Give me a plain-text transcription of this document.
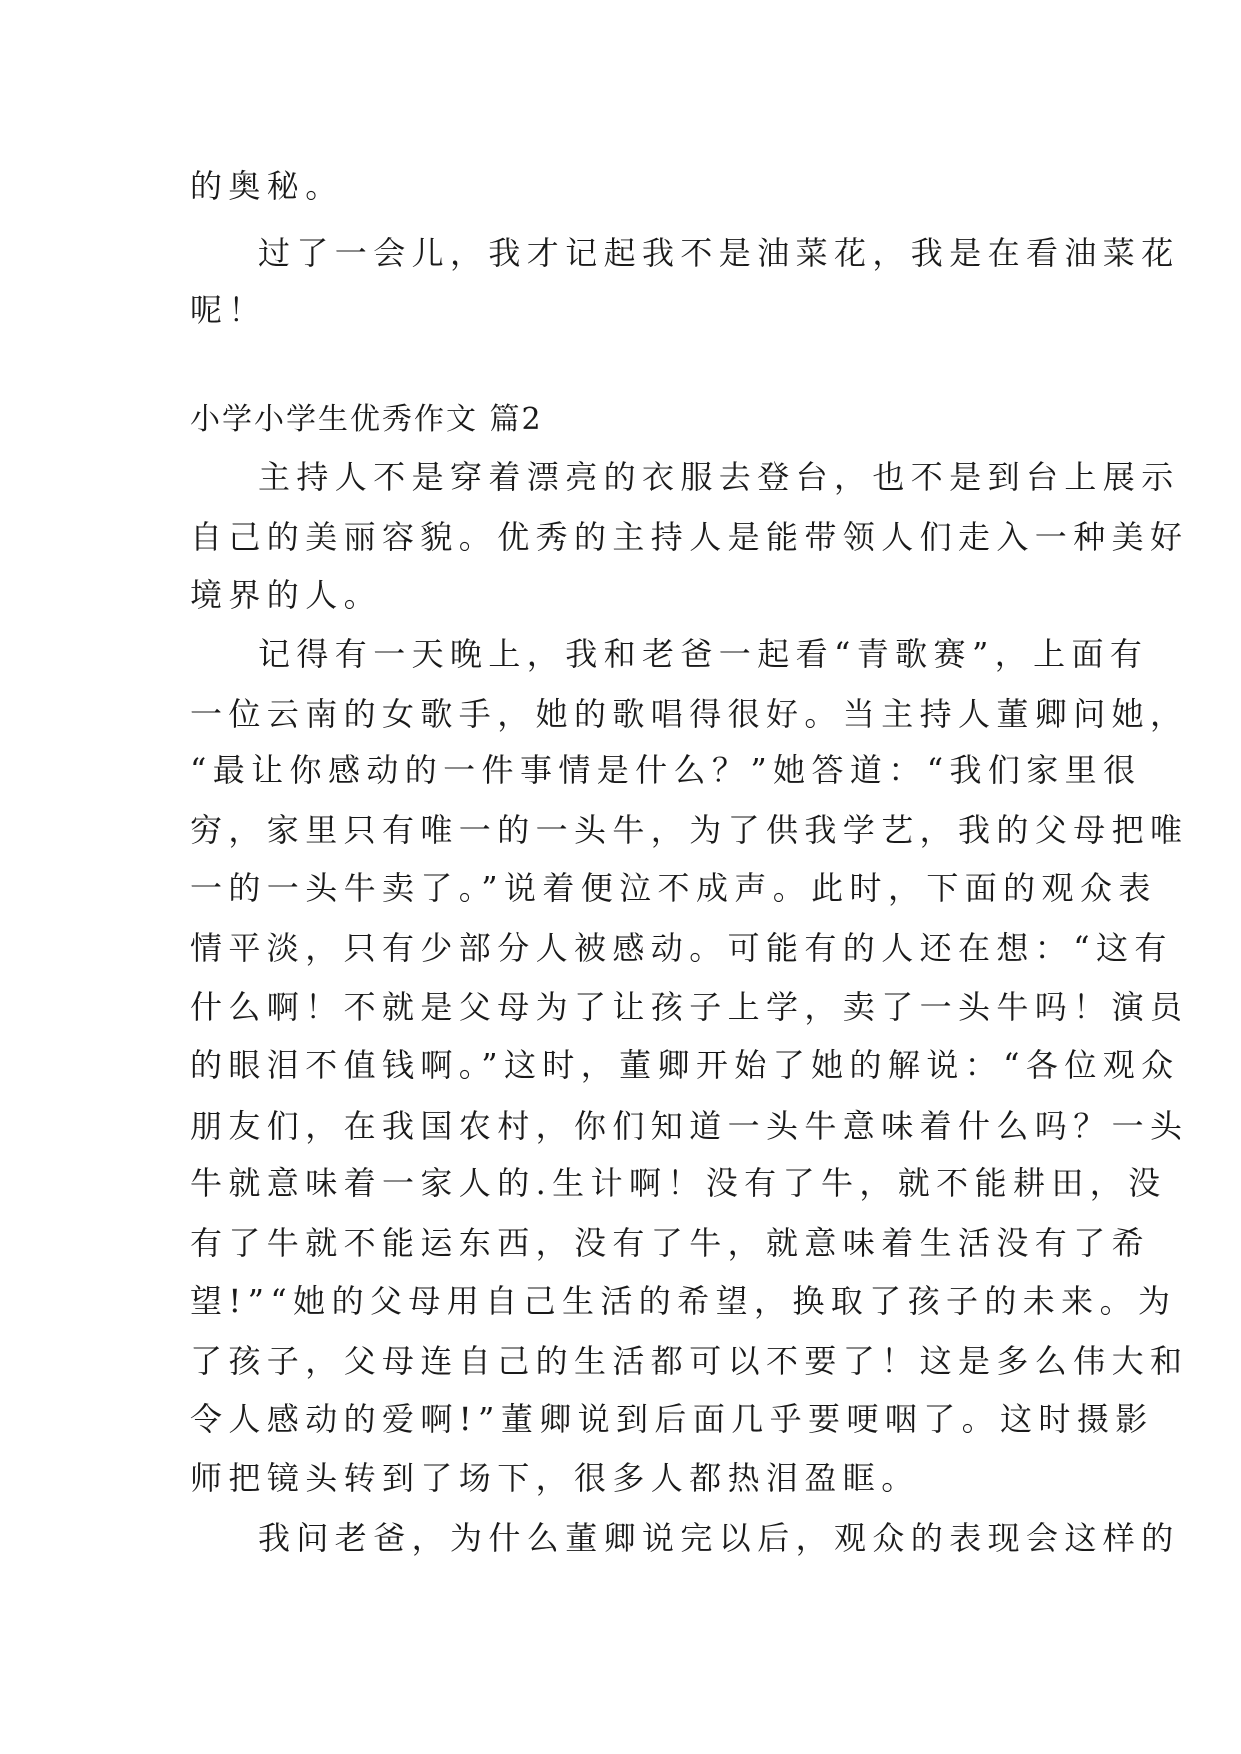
的奥秘。

过了一会儿，我才记起我不是油菜花，我是在看油菜花

呢！

小学小学生优秀作文 篇2

主持人不是穿着漂亮的衣服去登台，也不是到台上展示

自己的美丽容貌。优秀的主持人是能带领人们走入一种美好

境界的人。

记得有一天晚上，我和老爸一起看“青歌赛”，上面有

一位云南的女歌手，她的歌唱得很好。当主持人董卿问她，

“最让你感动的一件事情是什么？”她答道：“我们家里很

穷，家里只有唯一的一头牛，为了供我学艺，我的父母把唯

一的一头牛卖了。”说着便泣不成声。此时，下面的观众表

情平淡，只有少部分人被感动。可能有的人还在想：“这有

什么啊！不就是父母为了让孩子上学，卖了一头牛吗！演员

的眼泪不值钱啊。”这时，董卿开始了她的解说：“各位观众

朋友们，在我国农村，你们知道一头牛意味着什么吗？一头

牛就意味着一家人的.生计啊！没有了牛，就不能耕田，没

有了牛就不能运东西，没有了牛，就意味着生活没有了希

望!”“她的父母用自己生活的希望，换取了孩子的未来。为

了孩子，父母连自己的生活都可以不要了！这是多么伟大和

令人感动的爱啊!”董卿说到后面几乎要哽咽了。这时摄影

师把镜头转到了场下，很多人都热泪盈眶。

我问老爸，为什么董卿说完以后，观众的表现会这样的
